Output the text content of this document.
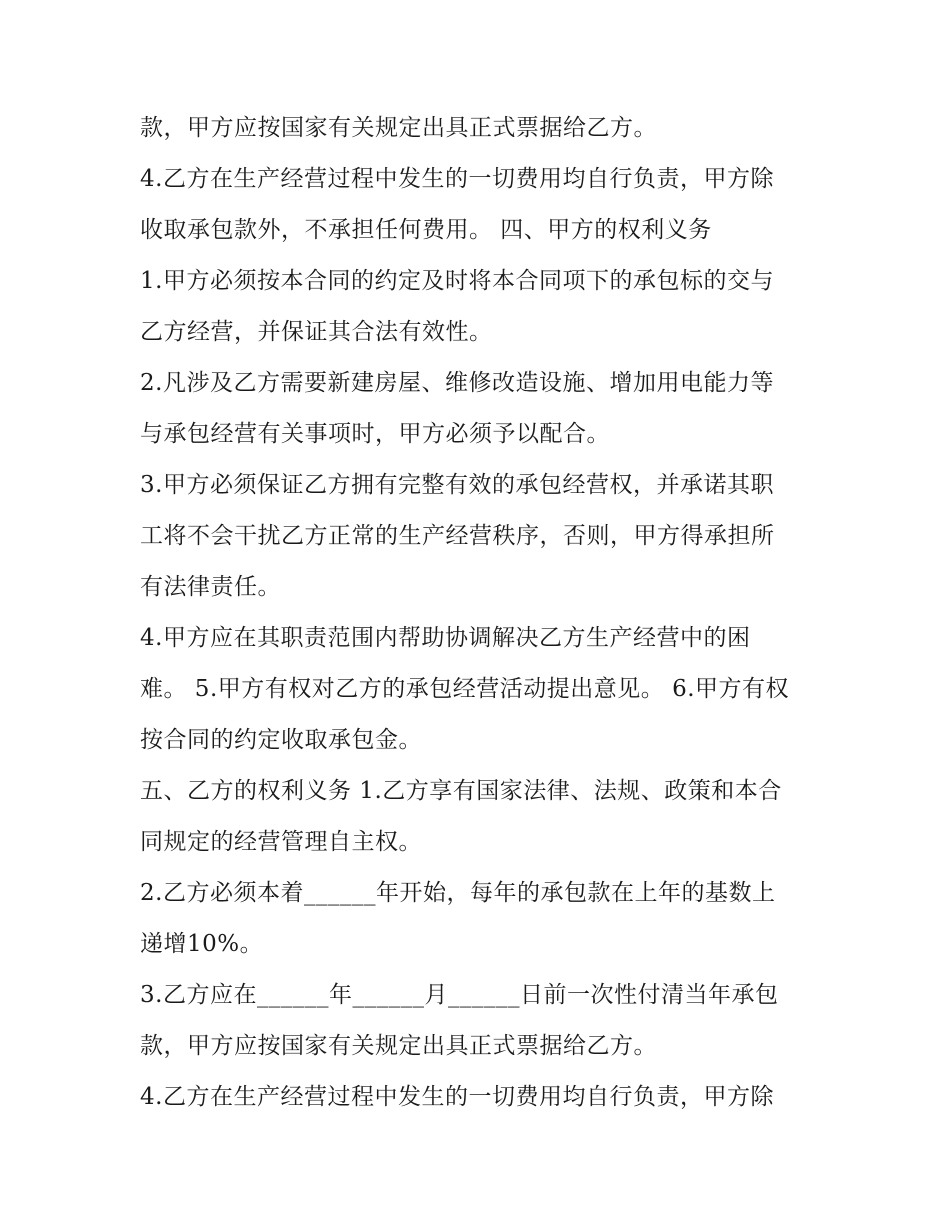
款，甲方应按国家有关规定出具正式票据给乙方。
4.乙方在生产经营过程中发生的一切费用均自行负责，甲方除
收取承包款外，不承担任何费用。 四、甲方的权利义务
1.甲方必须按本合同的约定及时将本合同项下的承包标的交与
乙方经营，并保证其合法有效性。
2.凡涉及乙方需要新建房屋、维修改造设施、增加用电能力等
与承包经营有关事项时，甲方必须予以配合。
3.甲方必须保证乙方拥有完整有效的承包经营权，并承诺其职
工将不会干扰乙方正常的生产经营秩序，否则，甲方得承担所
有法律责任。
4.甲方应在其职责范围内帮助协调解决乙方生产经营中的困
难。 5.甲方有权对乙方的承包经营活动提出意见。 6.甲方有权
按合同的约定收取承包金。
五、乙方的权利义务 1.乙方享有国家法律、法规、政策和本合
同规定的经营管理自主权。
2.乙方必须本着______年开始，每年的承包款在上年的基数上
递增10%。
3.乙方应在______年______月______日前一次性付清当年承包
款，甲方应按国家有关规定出具正式票据给乙方。
4.乙方在生产经营过程中发生的一切费用均自行负责，甲方除
